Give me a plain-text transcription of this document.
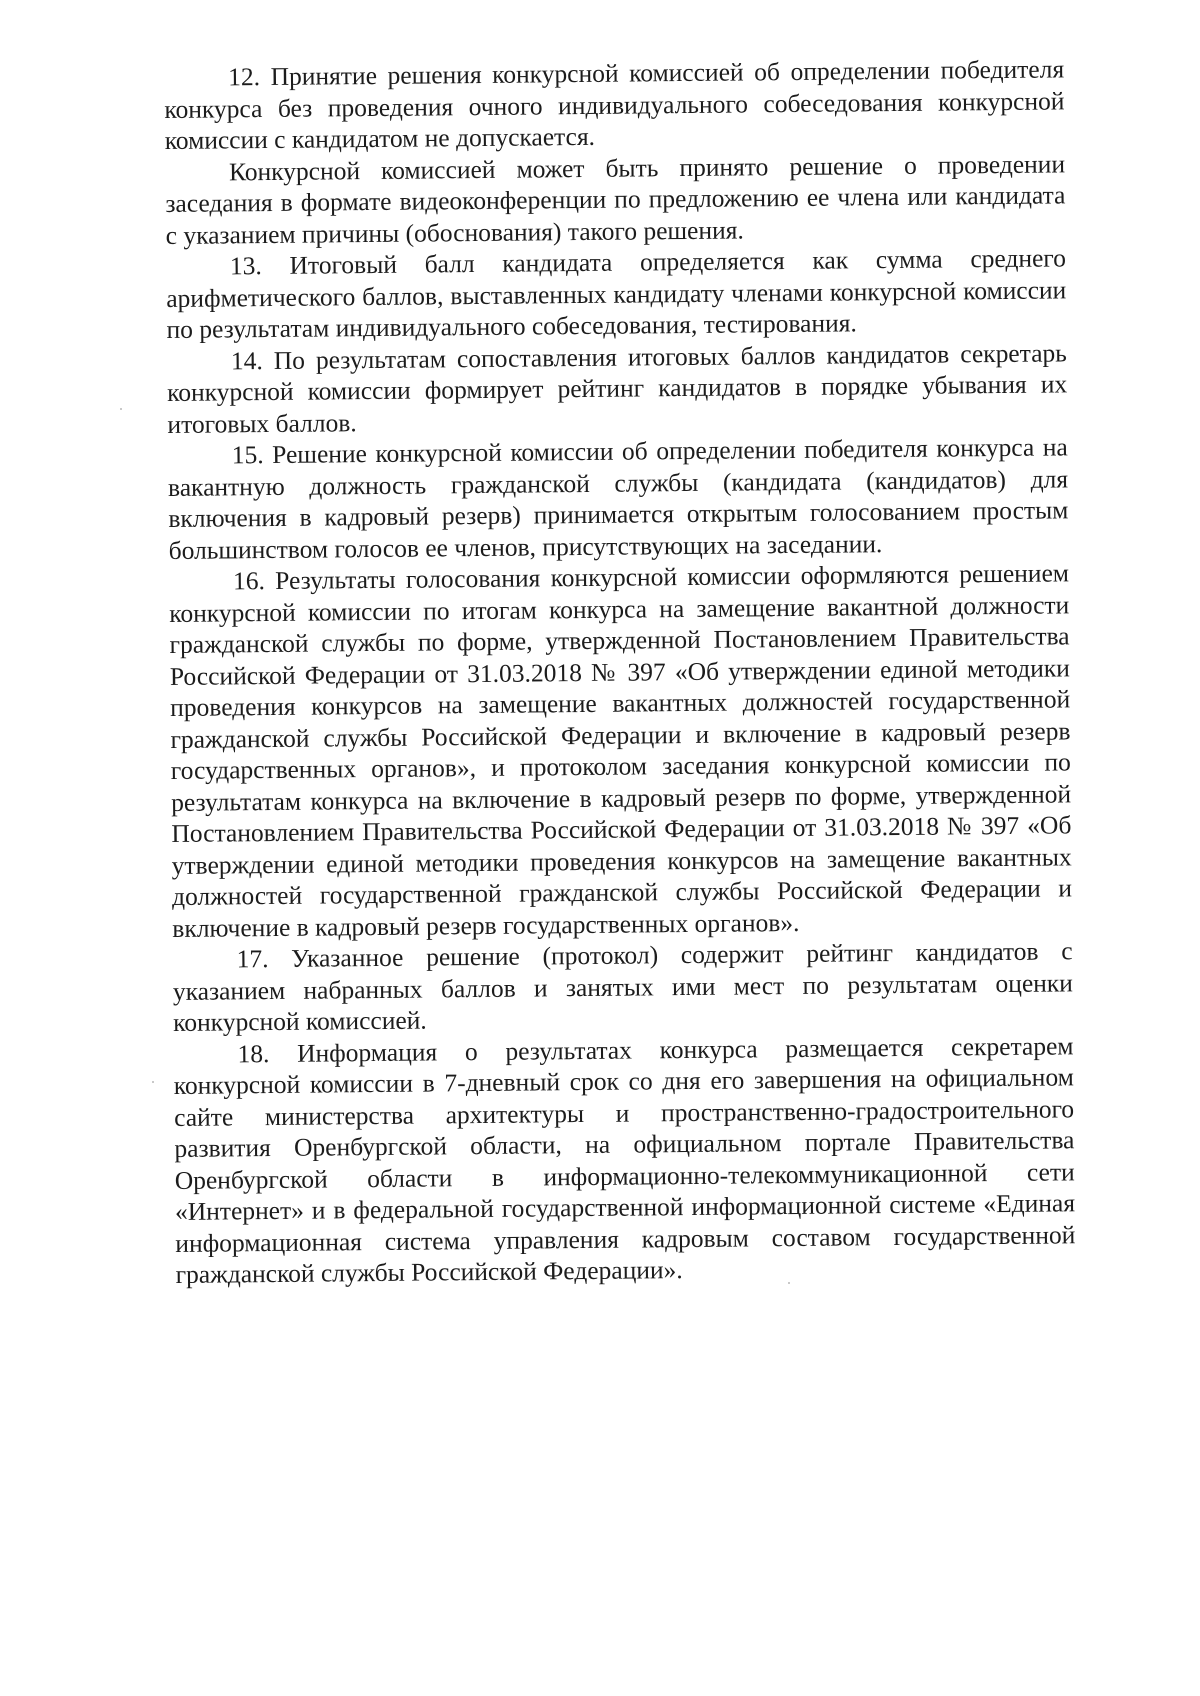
12. Принятие решения конкурсной комиссией об определении победителя конкурса без проведения очного индивидуального собеседования конкурсной комиссии с кандидатом не допускается.

Конкурсной комиссией может быть принято решение о проведении заседания в формате видеоконференции по предложению ее члена или кандидата с указанием причины (обоснования) такого решения.

13. Итоговый балл кандидата определяется как сумма среднего арифметического баллов, выставленных кандидату членами конкурсной комиссии по результатам индивидуального собеседования, тестирования.

14. По результатам сопоставления итоговых баллов кандидатов секретарь конкурсной комиссии формирует рейтинг кандидатов в порядке убывания их итоговых баллов.

15. Решение конкурсной комиссии об определении победителя конкурса на вакантную должность гражданской службы (кандидата (кандидатов) для включения в кадровый резерв) принимается открытым голосованием простым большинством голосов ее членов, присутствующих на заседании.

16. Результаты голосования конкурсной комиссии оформляются решением конкурсной комиссии по итогам конкурса на замещение вакантной должности гражданской службы по форме, утвержденной Постановлением Правительства Российской Федерации от 31.03.2018 № 397 «Об утверждении единой методики проведения конкурсов на замещение вакантных должностей государственной гражданской службы Российской Федерации и включение в кадровый резерв государственных органов», и протоколом заседания конкурсной комиссии по результатам конкурса на включение в кадровый резерв по форме, утвержденной Постановлением Правительства Российской Федерации от 31.03.2018 № 397 «Об утверждении единой методики проведения конкурсов на замещение вакантных должностей государственной гражданской службы Российской Федерации и включение в кадровый резерв государственных органов».

17. Указанное решение (протокол) содержит рейтинг кандидатов с указанием набранных баллов и занятых ими мест по результатам оценки конкурсной комиссией.

18. Информация о результатах конкурса размещается секретарем конкурсной комиссии в 7-дневный срок со дня его завершения на официальном сайте министерства архитектуры и пространственно-градостроительного развития Оренбургской области, на официальном портале Правительства Оренбургской области в информационно-телекоммуникационной сети «Интернет» и в федеральной государственной информационной системе «Единая информационная система управления кадровым составом государственной гражданской службы Российской Федерации».
